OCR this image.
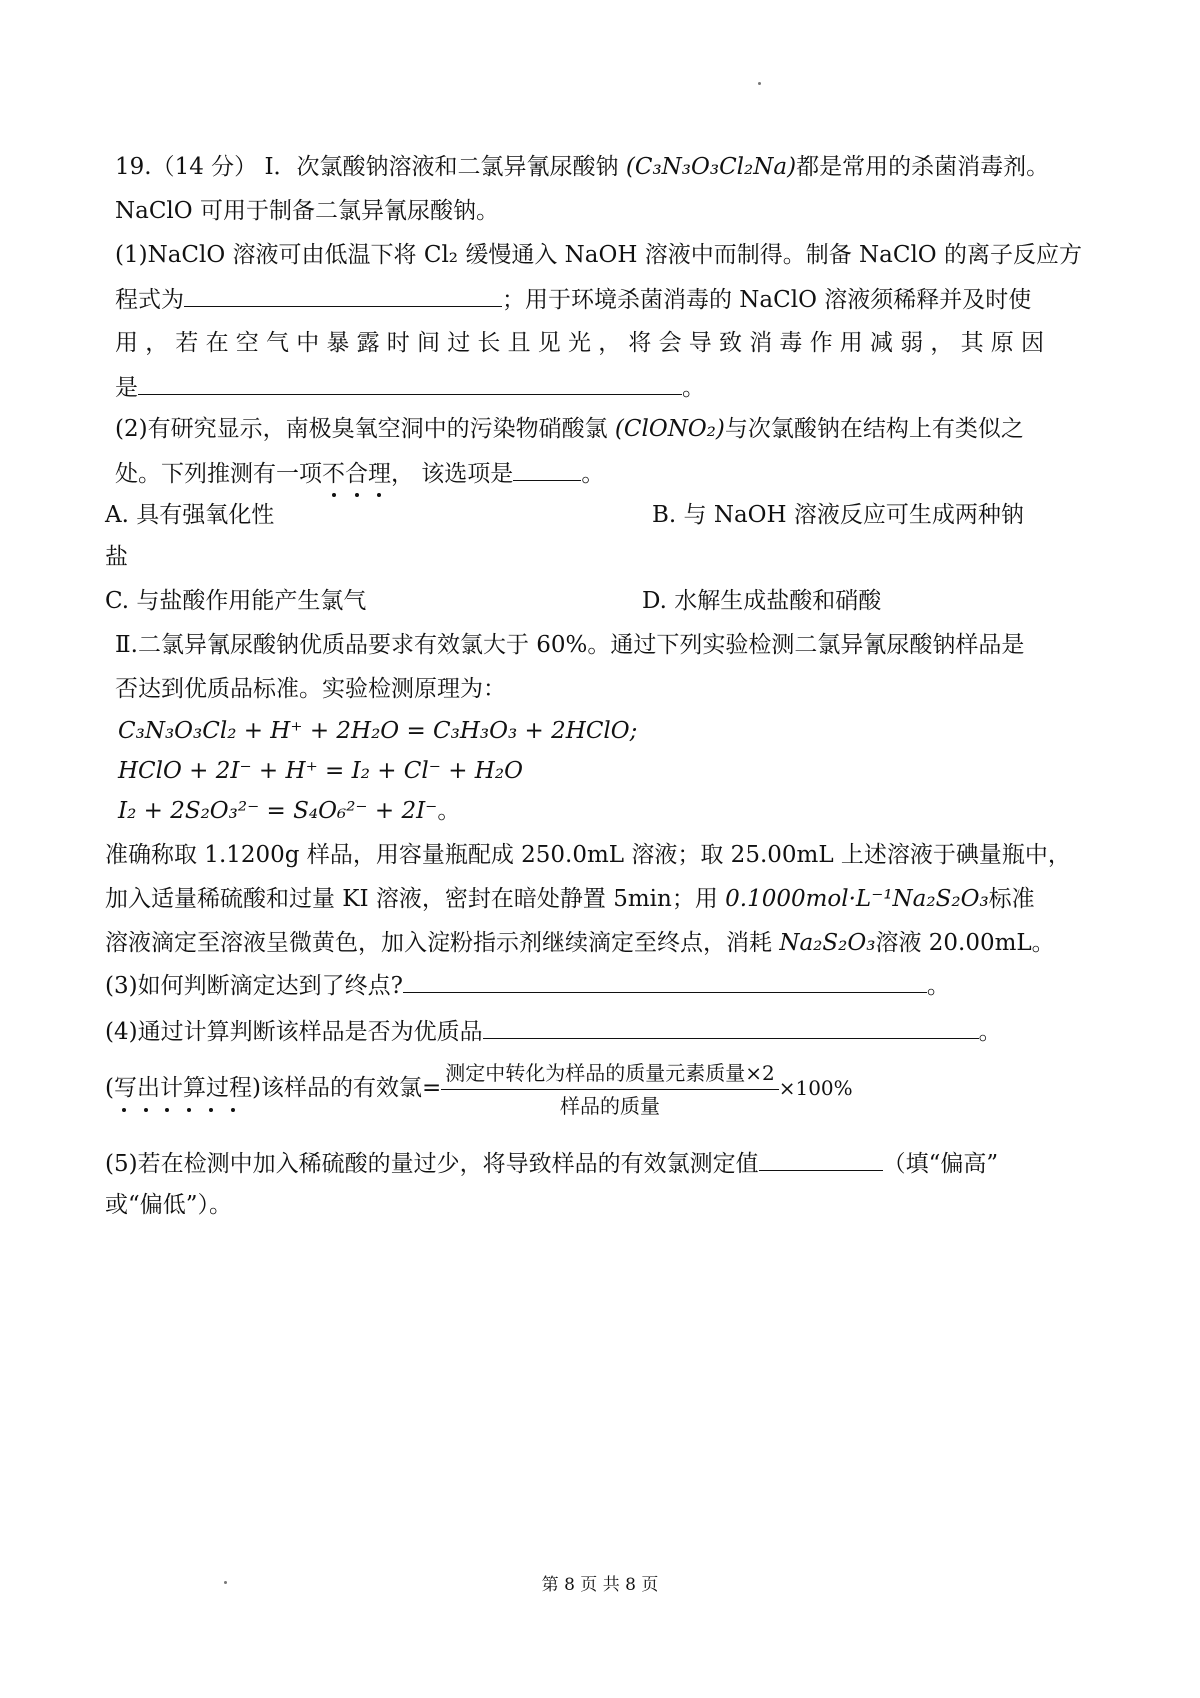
19.（14 分） Ⅰ．次氯酸钠溶液和二氯异氰尿酸钠 (C₃N₃O₃Cl₂Na)都是常用的杀菌消毒剂。
NaClO 可用于制备二氯异氰尿酸钠。
(1)NaClO 溶液可由低温下将 Cl₂ 缓慢通入 NaOH 溶液中而制得。制备 NaClO 的离子反应方
程式为	；用于环境杀菌消毒的 NaClO 溶液须稀释并及时使
用，若在空气中暴露时间过长且见光，将会导致消毒作用减弱，其原因
是	。
(2)有研究显示，南极臭氧空洞中的污染物硝酸氯 (ClONO₂)与次氯酸钠在结构上有类似之
处。下列推测有一项不合理
， 该选项是	。
A. 具有强氧化性	B. 与 NaOH 溶液反应可生成两种钠
盐
C. 与盐酸作用能产生氯气	D. 水解生成盐酸和硝酸
Ⅱ.二氯异氰尿酸钠优质品要求有效氯大于 60%。通过下列实验检测二氯异氰尿酸钠样品是
否达到优质品标准。实验检测原理为：
C₃N₃O₃Cl₂ + H⁺ + 2H₂O = C₃H₃O₃ + 2HClO;
HClO + 2I⁻ + H⁺ = I₂ + Cl⁻ + H₂O
I₂ + 2S₂O₃²⁻ = S₄O₆²⁻ + 2I⁻。
准确称取 1.1200g 样品，用容量瓶配成 250.0mL 溶液；取 25.00mL 上述溶液于碘量瓶中，
加入适量稀硫酸和过量 KI 溶液，密封在暗处静置 5min；用 0.1000mol·L⁻¹Na₂S₂O₃标准
溶液滴定至溶液呈微黄色，加入淀粉指示剂继续滴定至终点，消耗 Na₂S₂O₃溶液 20.00mL。
(3)如何判断滴定达到了终点?	。
(4)通过计算判断该样品是否为优质品	。
(写出计算过程)
该样品的有效氯= $\frac{\text{测定中转化为样品的质量元素质量×2}}{\text{样品的质量}} \times 100\%$
(5)若在检测中加入稀硫酸的量过少，将导致样品的有效氯测定值	（填“偏高”
或“偏低”）。
第 8 页 共 8 页
